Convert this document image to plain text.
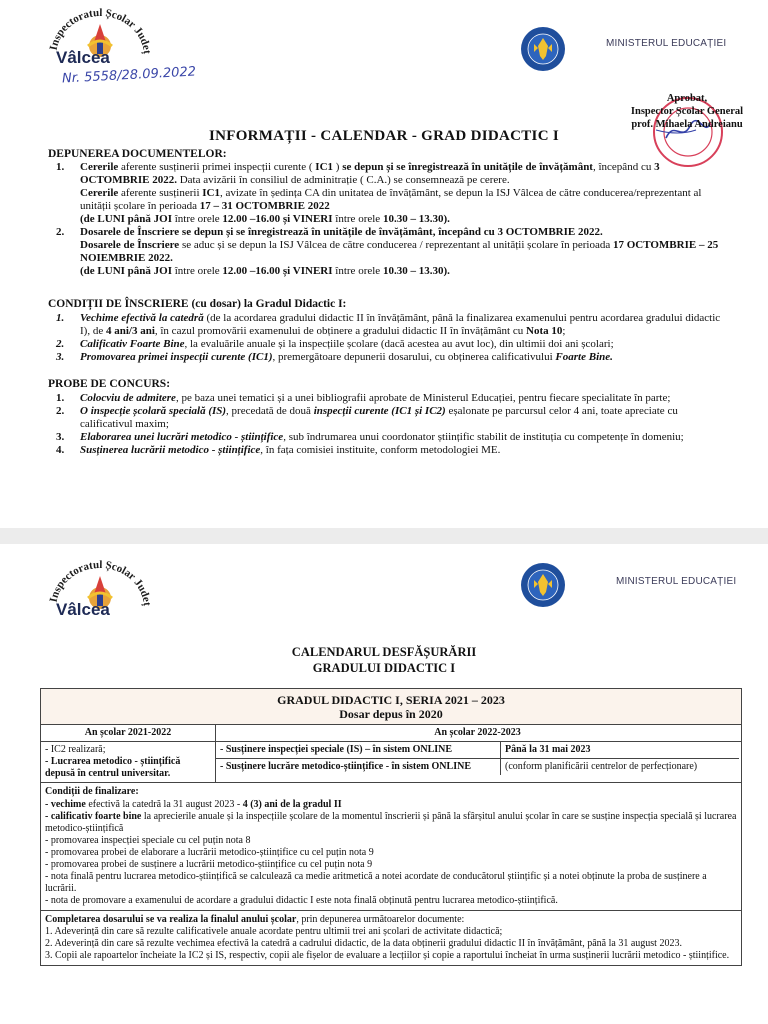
Inspectoratul Școlar Județ
Vâlcea
Nr. 5558/28.09.2022
MINISTERUL EDUCAȚIEI
Aprobat,
Inspector Școlar General
prof. Mihaela Andreianu
INFORMAȚII - CALENDAR - GRAD DIDACTIC I
DEPUNEREA DOCUMENTELOR:
1. Cererile aferente susținerii primei inspecții curente ( IC1 ) se depun și se înregistrează în unitățile de învățământ, începând cu 3 OCTOMBRIE 2022. Data avizării în consiliul de adminitrație ( C.A.) se consemnează pe cerere.
Cererile aferente susținerii IC1, avizate în ședința CA din unitatea de învățământ, se depun la ISJ Vâlcea de către conducerea/reprezentant al unității școlare în perioada 17 – 31 OCTOMBRIE 2022
(de LUNI până JOI între orele 12.00 –16.00 și VINERI între orele 10.30 – 13.30).
2. Dosarele de Înscriere se depun și se înregistrează în unitățile de învățământ, începând cu 3 OCTOMBRIE 2022.
Dosarele de Înscriere se aduc și se depun la ISJ Vâlcea de către conducerea / reprezentant al unității școlare în perioada 17 OCTOMBRIE – 25 NOIEMBRIE 2022.
(de LUNI până JOI între orele 12.00 –16.00 și VINERI între orele 10.30 – 13.30).
CONDIȚII DE ÎNSCRIERE (cu dosar) la Gradul Didactic I:
1. Vechime efectivă la catedră (de la acordarea gradului didactic II în învățământ, până la finalizarea examenului pentru acordarea gradului didactic I), de 4 ani/3 ani, în cazul promovării examenului de obținere a gradului didactic II în învățământ cu Nota 10;
2. Calificativ Foarte Bine, la evaluările anuale și la inspecțiile școlare (dacă acestea au avut loc), din ultimii doi ani școlari;
3. Promovarea primei inspecții curente (IC1), premergătoare depunerii dosarului, cu obținerea calificativului Foarte Bine.
PROBE DE CONCURS:
1. Colocviu de admitere, pe baza unei tematici și a unei bibliografii aprobate de Ministerul Educației, pentru fiecare specialitate în parte;
2. O inspecție școlară specială (IS), precedată de două inspecții curente (IC1 și IC2) eșalonate pe parcursul celor 4 ani, toate apreciate cu calificativul maxim;
3. Elaborarea unei lucrări metodico - științifice, sub îndrumarea unui coordonator științific stabilit de instituția cu competențe în domeniu;
4. Susținerea lucrării metodico - științifice, în fața comisiei instituite, conform metodologiei ME.
Inspectoratul Școlar Județ
Vâlcea
MINISTERUL EDUCAȚIEI
CALENDARUL DESFĂȘURĂRII
GRADULUI DIDACTIC I
GRADUL DIDACTIC I, SERIA 2021 – 2023
Dosar depus în 2020
An școlar 2021-2022	An școlar 2022-2023
- IC2 realizară;
- Lucrarea metodico - științifică depusă în centrul universitar.
- Susținere inspecției speciale (IS) – în sistem ONLINE	Până la 31 mai 2023
- Susținere lucrăre metodico-științifice - în sistem ONLINE	(conform planificării centrelor de perfecționare)
Condiții de finalizare:
- vechime efectivă la catedră la 31 august 2023 - 4 (3) ani de la gradul II
- calificativ foarte bine la aprecierile anuale și la inspecțiile școlare de la momentul înscrierii și până la sfârșitul anului școlar în care se susține inspecția specială și lucrarea metodico-științifică
- promovarea inspecției speciale cu cel puțin nota 8
- promovarea probei de elaborare a lucrării metodico-științifice cu cel puțin nota 9
- promovarea probei de susținere a lucrării metodico-științifice cu cel puțin nota 9
- nota finală pentru lucrarea metodico-științifică se calculează ca medie aritmetică a notei acordate de conducătorul științific și a notei obținute la proba de susținere a lucrării.
- nota de promovare a examenului de acordare a gradului didactic I este nota finală obținută pentru lucrarea metodico-științifică.
Completarea dosarului se va realiza la finalul anului școlar, prin depunerea următoarelor documente:
1. Adeverință din care să rezulte calificativele anuale acordate pentru ultimii trei ani școlari de activitate didactică;
2. Adeverință din care să rezulte vechimea efectivă la catedră a cadrului didactic, de la data obținerii gradului didactic II în învățământ, până la 31 august 2023.
3. Copii ale rapoartelor încheiate la IC2 și IS, respectiv, copii ale fișelor de evaluare a lecțiilor și copie a raportului încheiat în urma susținerii lucrării metodico - științifice.
